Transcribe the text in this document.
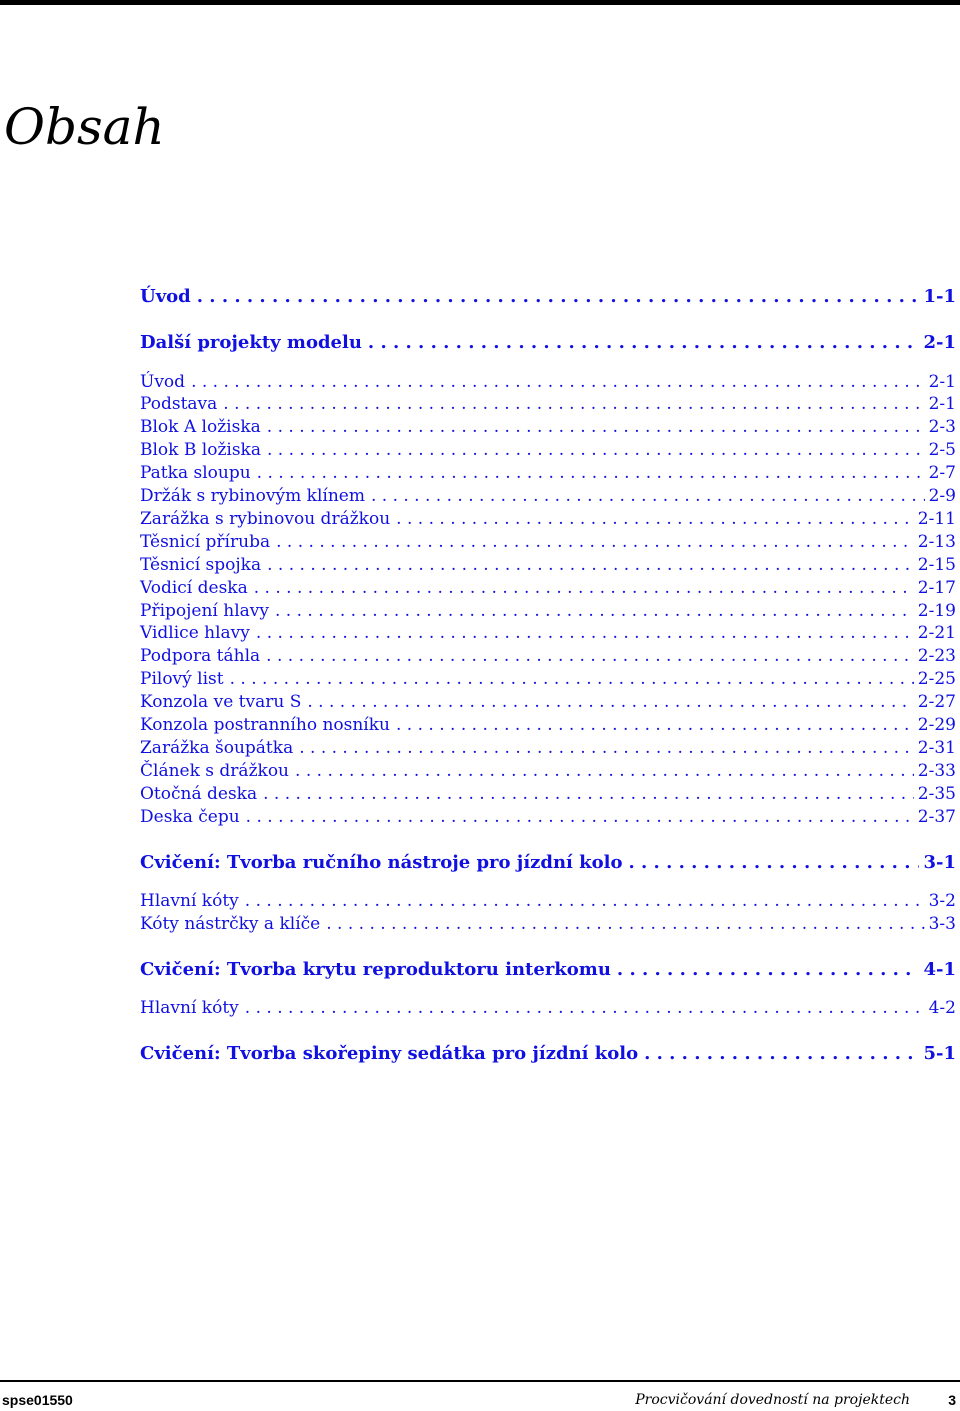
Obsah
Úvod . . .	1-1
Další projekty modelu . . .	2-1
Úvod . . .	2-1
Podstava . . .	2-1
Blok A ložiska . . .	2-3
Blok B ložiska . . .	2-5
Patka sloupu . . .	2-7
Držák s rybinovým klínem . . .	2-9
Zarážka s rybinovou drážkou . . .	2-11
Těsnicí příruba . . .	2-13
Těsnicí spojka . . .	2-15
Vodicí deska . . .	2-17
Připojení hlavy . . .	2-19
Vidlice hlavy . . .	2-21
Podpora táhla . . .	2-23
Pilový list . . .	2-25
Konzola ve tvaru S . . .	2-27
Konzola postranního nosníku . . .	2-29
Zarážka šoupátka . . .	2-31
Článek s drážkou . . .	2-33
Otočná deska . . .	2-35
Deska čepu . . .	2-37
Cvičení: Tvorba ručního nástroje pro jízdní kolo . . .	3-1
Hlavní kóty . . .	3-2
Kóty nástrčky a klíče . . .	3-3
Cvičení: Tvorba krytu reproduktoru interkomu . . .	4-1
Hlavní kóty . . .	4-2
Cvičení: Tvorba skořepiny sedátka pro jízdní kolo . . .	5-1
spse01550	Procvičování dovedností na projektech	3
